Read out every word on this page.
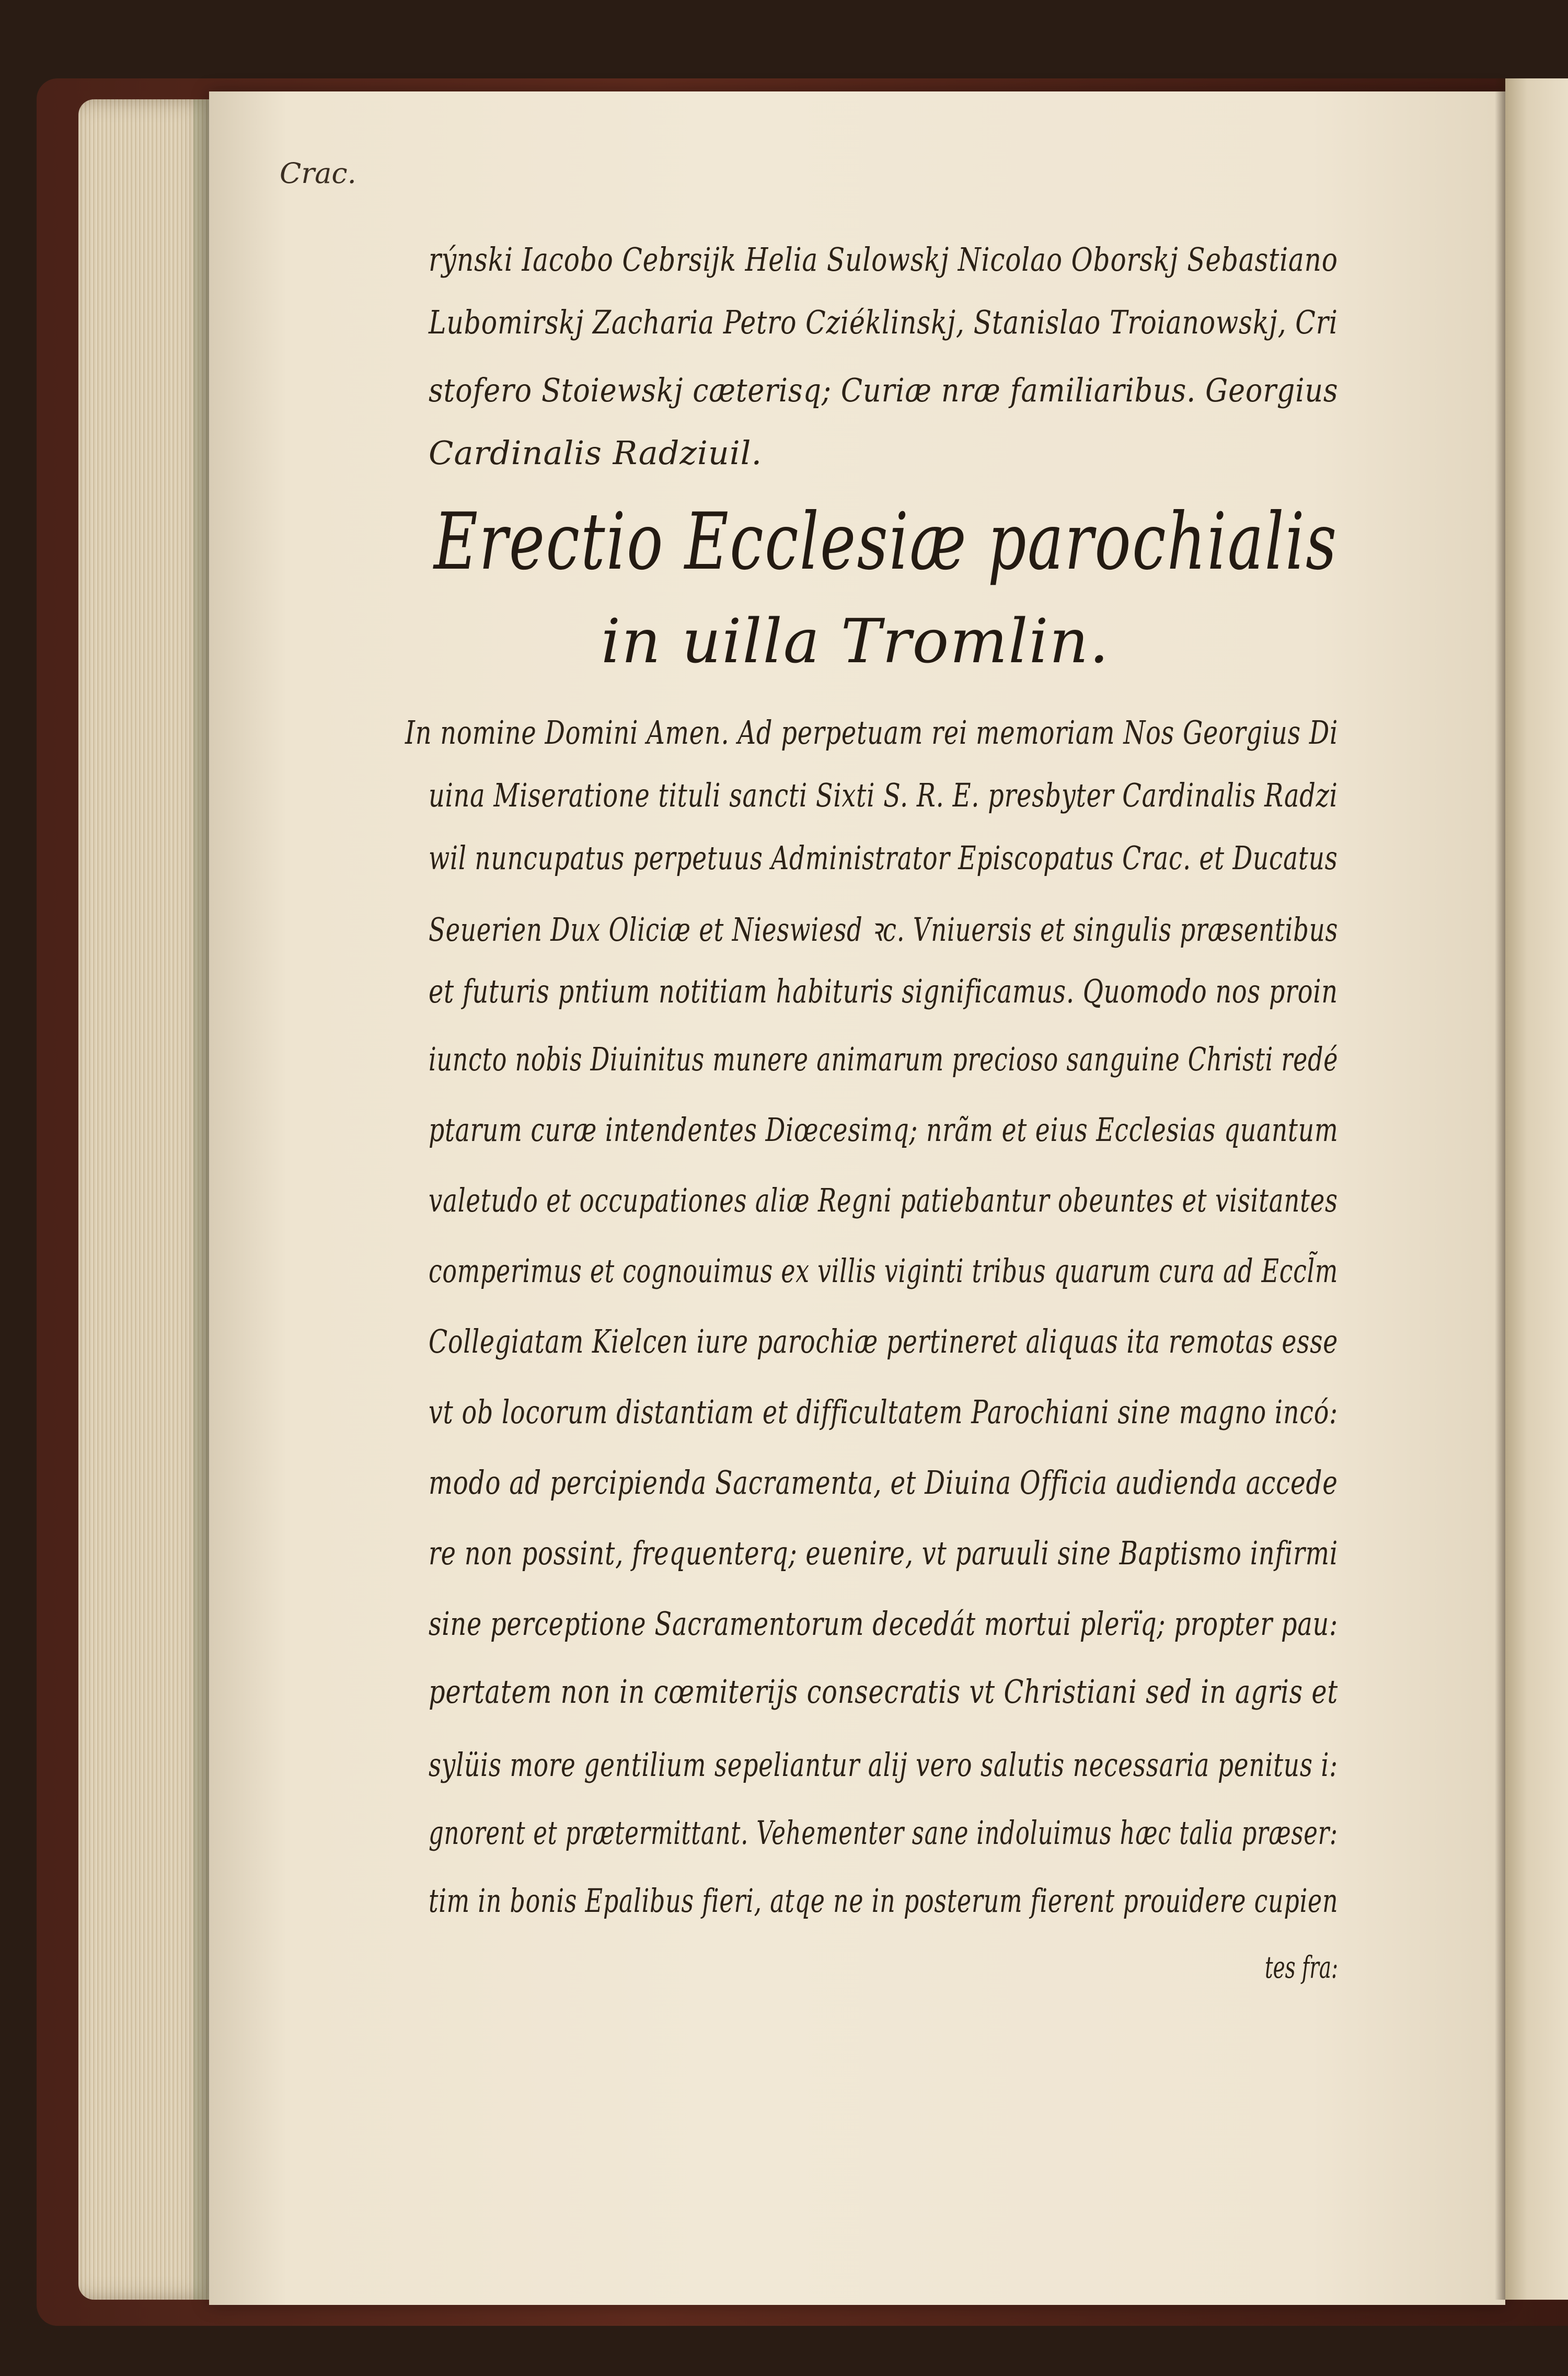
Crac.
rýnski Iacobo Cebrsijk Helia Sulowskj Nicolao Oborskj Sebastiano
Lubomirskj Zacharia Petro Cziéklinskj, Stanislao Troianowskj, Cri
stofero Stoiewskj cæterisq; Curiæ nræ familiaribus. Georgius
Cardinalis Radziuil.
Erectio Ecclesiæ parochialis
in uilla Tromlin.
In nomine Domini Amen. Ad perpetuam rei memoriam Nos Georgius Di
uina Miseratione tituli sancti Sixti S. R. E. presbyter Cardinalis Radzi
wil nuncupatus perpetuus Administrator Episcopatus Crac. et Ducatus
Seuerien Dux Oliciæ et Nieswiesd ꝛc. Vniuersis et singulis præsentibus
et futuris pntium notitiam habituris significamus. Quomodo nos proin
iuncto nobis Diuinitus munere animarum precioso sanguine Christi redé
ptarum curæ intendentes Diœcesimq; nrãm et eius Ecclesias quantum
valetudo et occupationes aliæ Regni patiebantur obeuntes et visitantes
comperimus et cognouimus ex villis viginti tribus quarum cura ad Eccl̃m
Collegiatam Kielcen iure parochiæ pertineret aliquas ita remotas esse
vt ob locorum distantiam et difficultatem Parochiani sine magno incó:
modo ad percipienda Sacramenta, et Diuina Officia audienda accede
re non possint, frequenterq; euenire, vt paruuli sine Baptismo infirmi
sine perceptione Sacramentorum decedát mortui plerïq; propter pau:
pertatem non in cœmiterijs consecratis vt Christiani sed in agris et
sylüis more gentilium sepeliantur alij vero salutis necessaria penitus i:
gnorent et prætermittant. Vehementer sane indoluimus hæc talia præser:
tim in bonis Epalibus fieri, atqe ne in posterum fierent prouidere cupien
tes fra:
